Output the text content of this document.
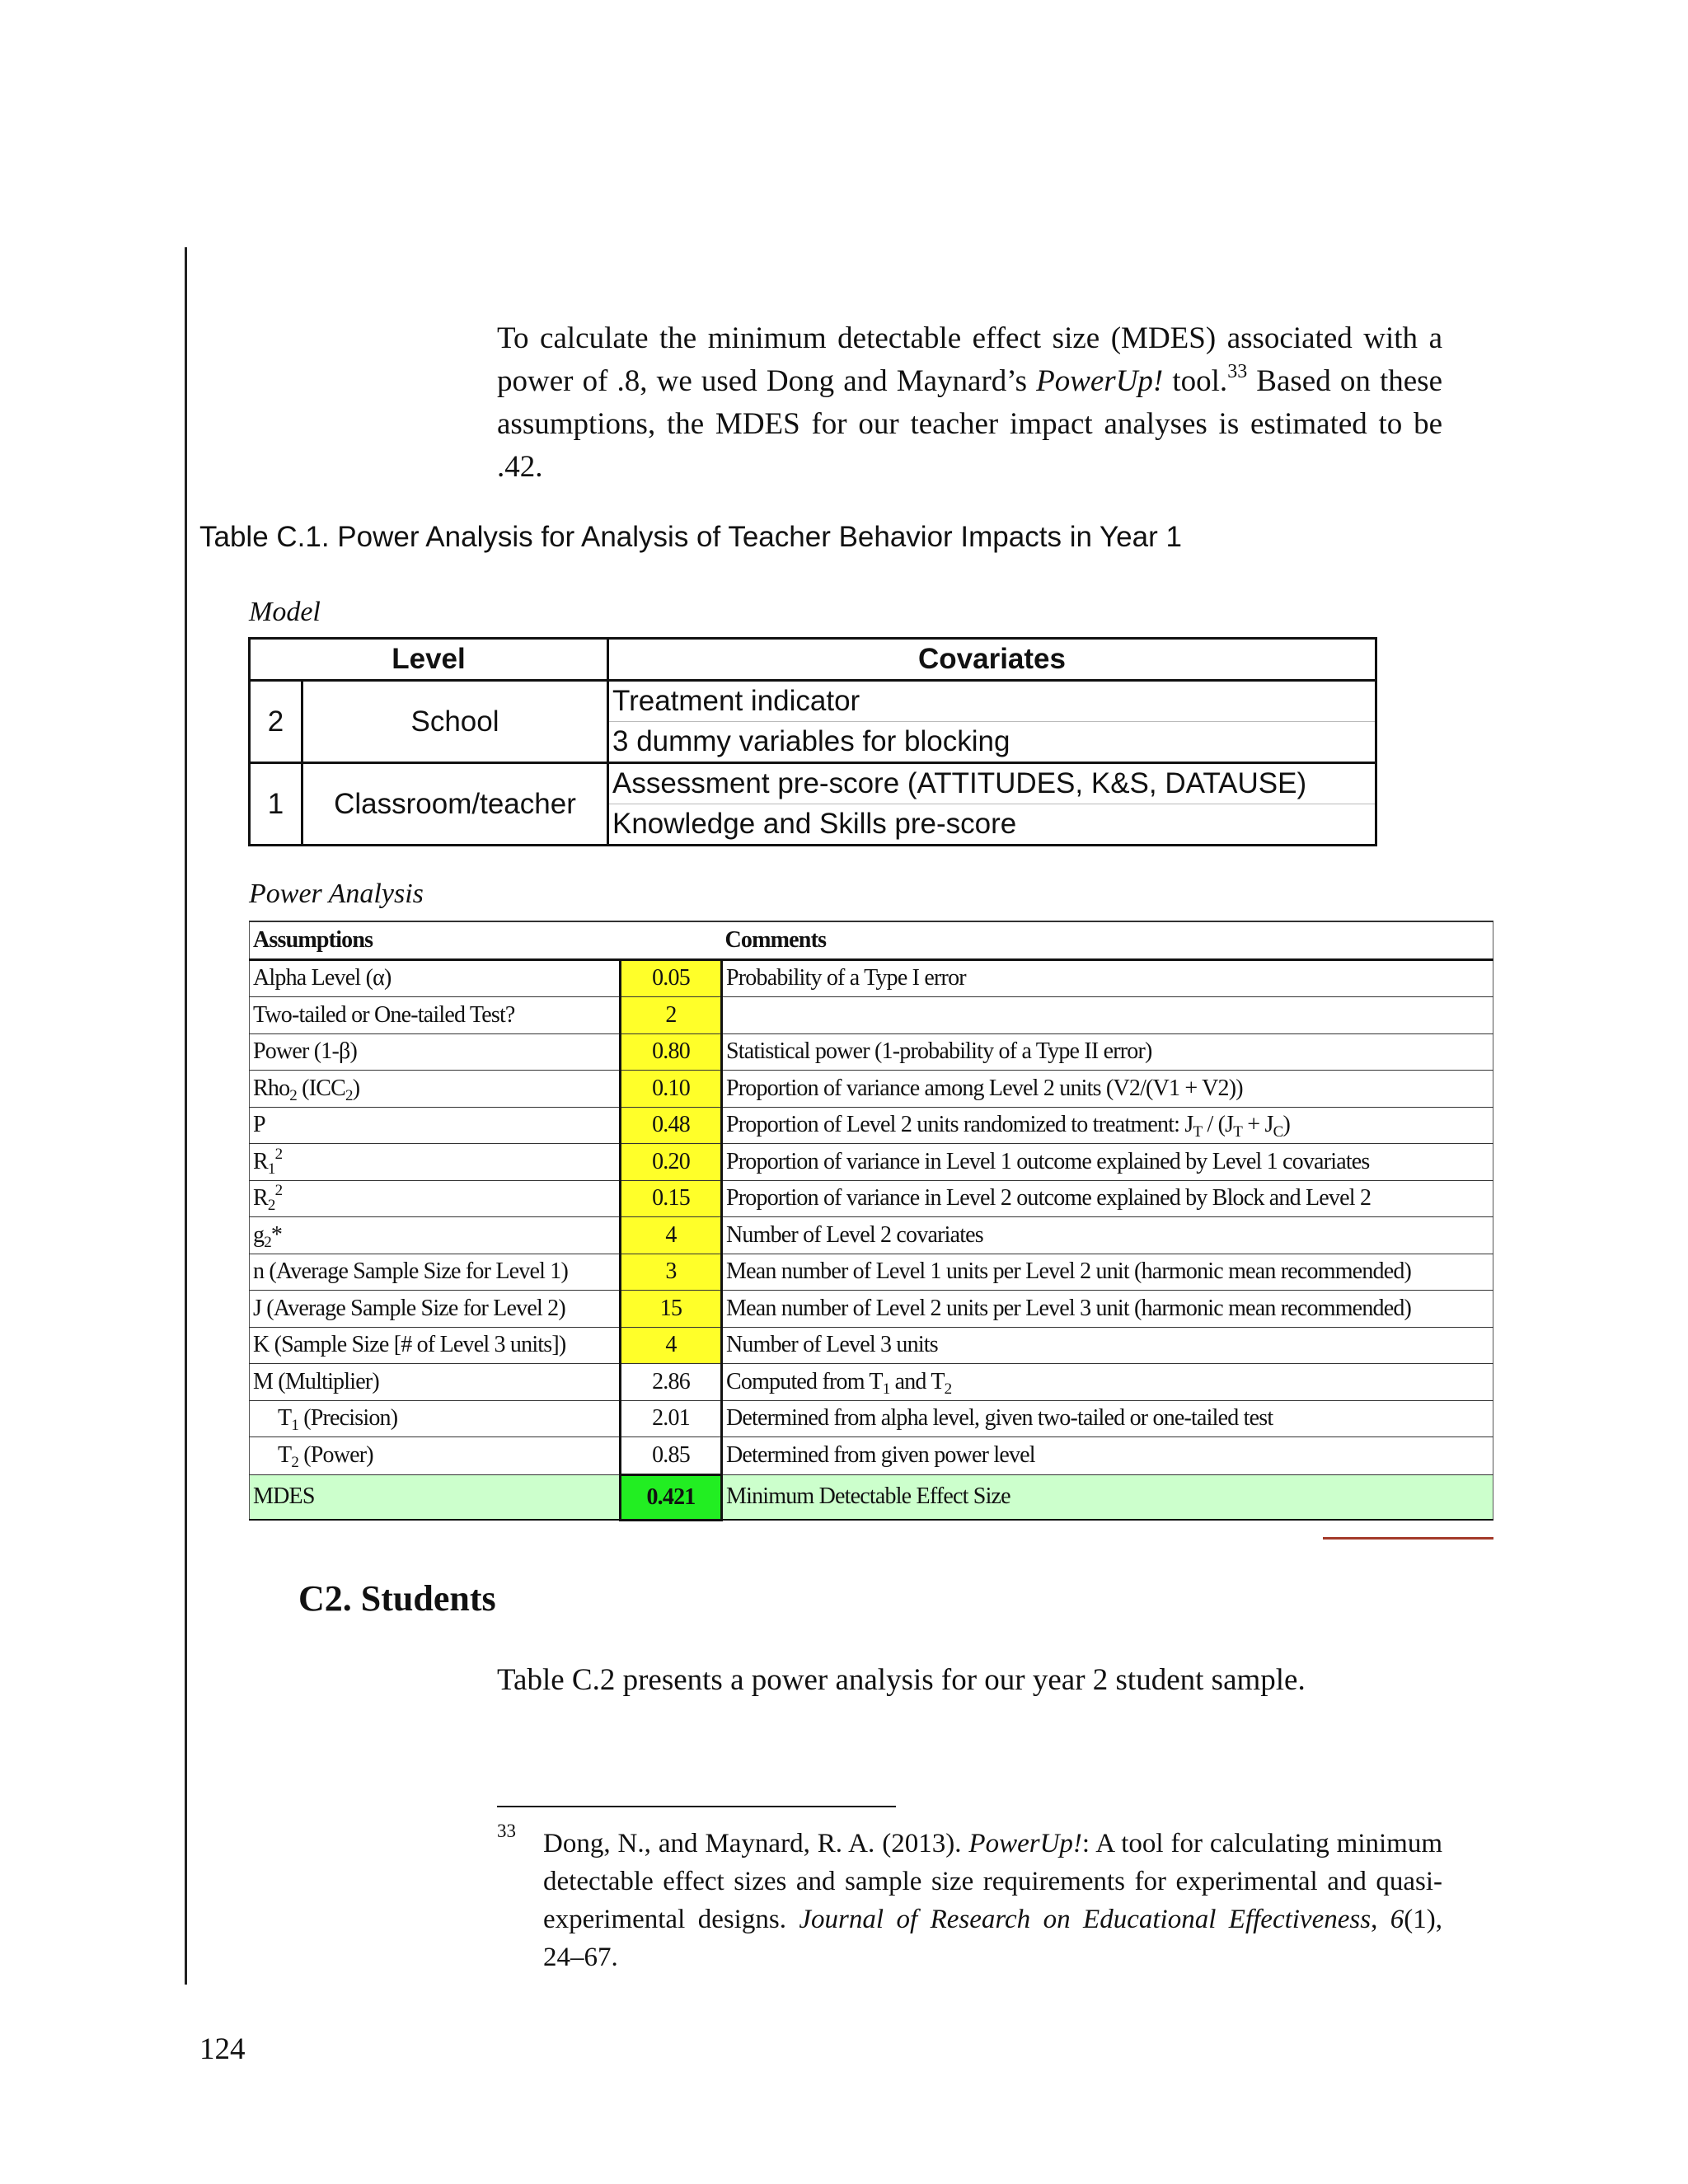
To calculate the minimum detectable effect size (MDES) associated with a power of .8, we used Dong and Maynard’s PowerUp! tool.$^{33}$ Based on these assumptions, the MDES for our teacher impact analyses is estimated to be .42.

Table C.1. Power Analysis for Analysis of Teacher Behavior Impacts in Year 1
Model
Level		Covariates
2	School	Treatment indicator
3 dummy variables for blocking

1	Classroom/teacher	Assessment pre-score (ATTITUDES, K&S, DATAUSE)
Knowledge and Skills pre-score
Power Analysis
Assumptions		Comments
Alpha Level (α)	0.05	Probability of a Type I error
Two-tailed or One-tailed Test?	2	
Power (1-β)	0.80	Statistical power (1-probability of a Type II error)
Rho$_2$ $(ICC_2)$	0.10	Proportion of variance among Level 2 units (V2/(V1 + V2))
P	0.48	Proportion of Level 2 units randomized to treatment: $J_T / (J_T + J_C)$
$R_1^2$	0.20	Proportion of variance in Level 1 outcome explained by Level 1 covariates
$R_2^2$	0.15	Proportion of variance in Level 2 outcome explained by Block and Level 2
$g_2*$	4	Number of Level 2 covariates
n (Average Sample Size for Level 1)	3	Mean number of Level 1 units per Level 2 unit (harmonic mean recommended)
J (Average Sample Size for Level 2)	15	Mean number of Level 2 units per Level 3 unit (harmonic mean recommended)
K (Sample Size [# of Level 3 units])	4	Number of Level 3 units
M (Multiplier)	2.86	Computed from $T_1$ and $T_2$
$T_1$ (Precision)	2.01	Determined from alpha level, given two-tailed or one-tailed test
$T_2$ (Power)	0.85	Determined from given power level
MDES	0.421	Minimum Detectable Effect Size
C2. Students
Table C.2 presents a power analysis for our year 2 student sample.
$^{33}$ Dong, N., and Maynard, R. A. (2013). PowerUp!: A tool for calculating minimum detectable effect sizes and sample size requirements for experimental and quasi-experimental designs. Journal of Research on Educational Effectiveness, 6(1), 24–67.
124
